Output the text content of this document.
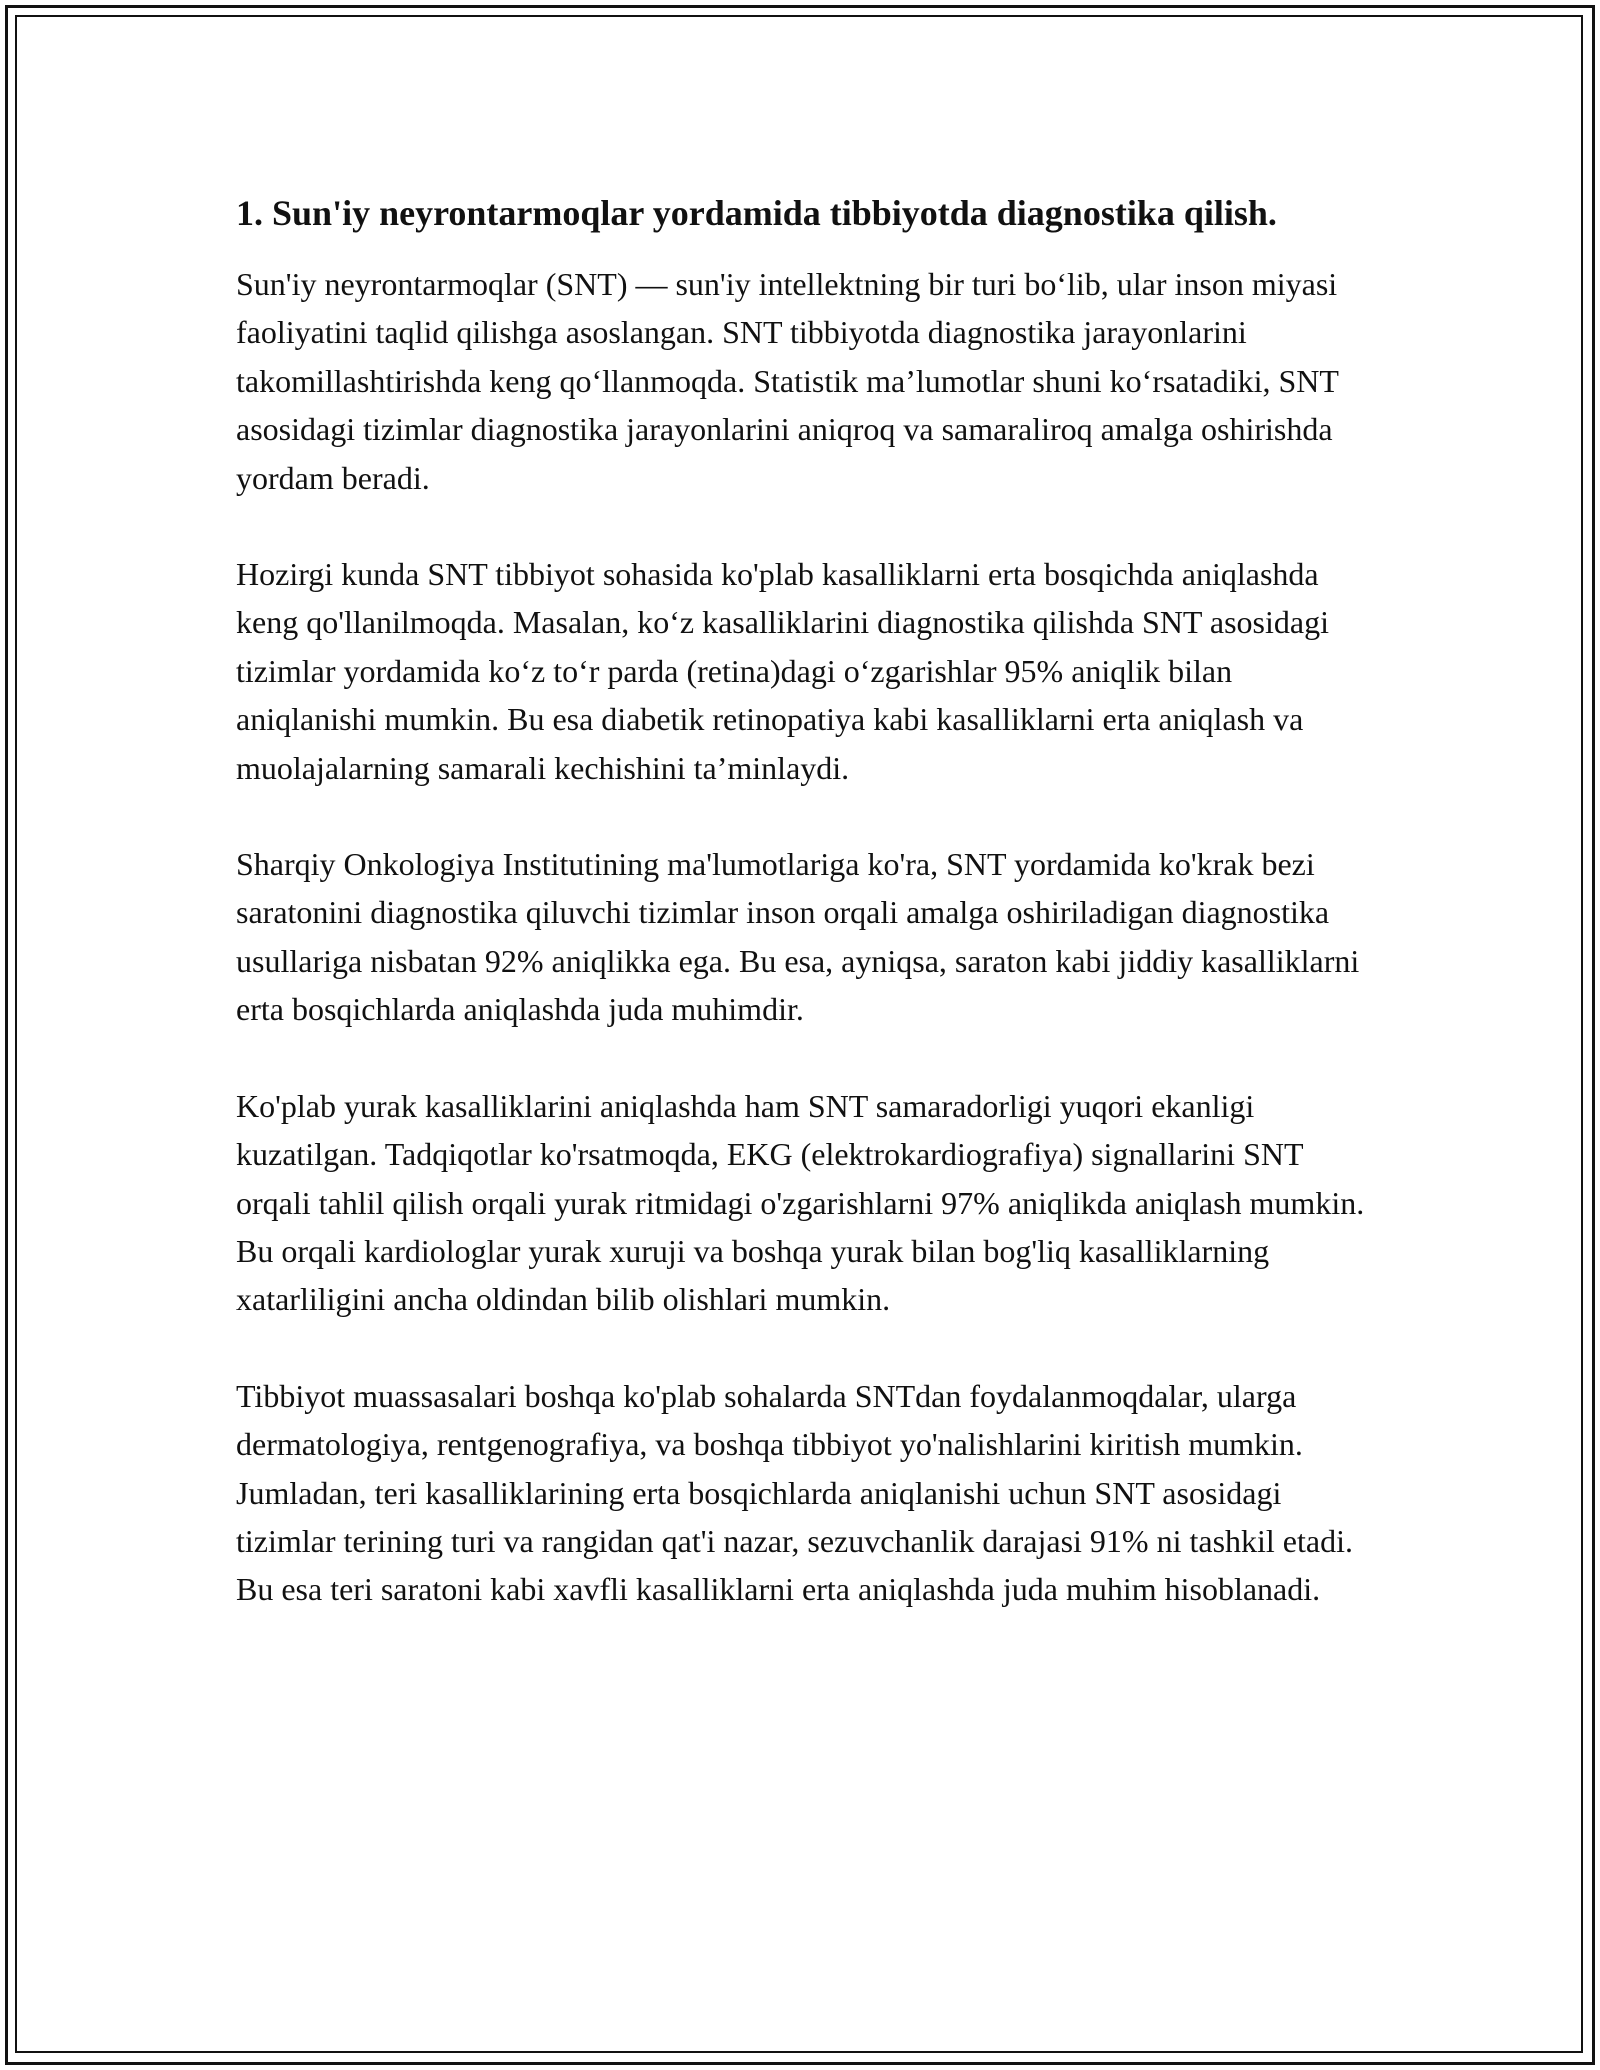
1. Sun'iy neyrontarmoqlar yordamida tibbiyotda diagnostika qilish.

Sun'iy neyrontarmoqlar (SNT) — sun'iy intellektning bir turi bo‘lib, ular inson miyasi faoliyatini taqlid qilishga asoslangan. SNT tibbiyotda diagnostika jarayonlarini takomillashtirishda keng qo‘llanmoqda. Statistik ma’lumotlar shuni ko‘rsatadiki, SNT asosidagi tizimlar diagnostika jarayonlarini aniqroq va samaraliroq amalga oshirishda yordam beradi.

Hozirgi kunda SNT tibbiyot sohasida ko'plab kasalliklarni erta bosqichda aniqlashda keng qo'llanilmoqda. Masalan, ko‘z kasalliklarini diagnostika qilishda SNT asosidagi tizimlar yordamida ko‘z to‘r parda (retina)dagi o‘zgarishlar 95% aniqlik bilan aniqlanishi mumkin. Bu esa diabetik retinopatiya kabi kasalliklarni erta aniqlash va muolajalarning samarali kechishini ta’minlaydi.

Sharqiy Onkologiya Institutining ma'lumotlariga ko'ra, SNT yordamida ko'krak bezi saratonini diagnostika qiluvchi tizimlar inson orqali amalga oshiriladigan diagnostika usullariga nisbatan 92% aniqlikka ega. Bu esa, ayniqsa, saraton kabi jiddiy kasalliklarni erta bosqichlarda aniqlashda juda muhimdir.

Ko'plab yurak kasalliklarini aniqlashda ham SNT samaradorligi yuqori ekanligi kuzatilgan. Tadqiqotlar ko'rsatmoqda, EKG (elektrokardiografiya) signallarini SNT orqali tahlil qilish orqali yurak ritmidagi o'zgarishlarni 97% aniqlikda aniqlash mumkin. Bu orqali kardiologlar yurak xuruji va boshqa yurak bilan bog'liq kasalliklarning xatarliligini ancha oldindan bilib olishlari mumkin.

Tibbiyot muassasalari boshqa ko'plab sohalarda SNTdan foydalanmoqdalar, ularga dermatologiya, rentgenografiya, va boshqa tibbiyot yo'nalishlarini kiritish mumkin. Jumladan, teri kasalliklarining erta bosqichlarda aniqlanishi uchun SNT asosidagi tizimlar terining turi va rangidan qat'i nazar, sezuvchanlik darajasi 91% ni tashkil etadi. Bu esa teri saratoni kabi xavfli kasalliklarni erta aniqlashda juda muhim hisoblanadi.
